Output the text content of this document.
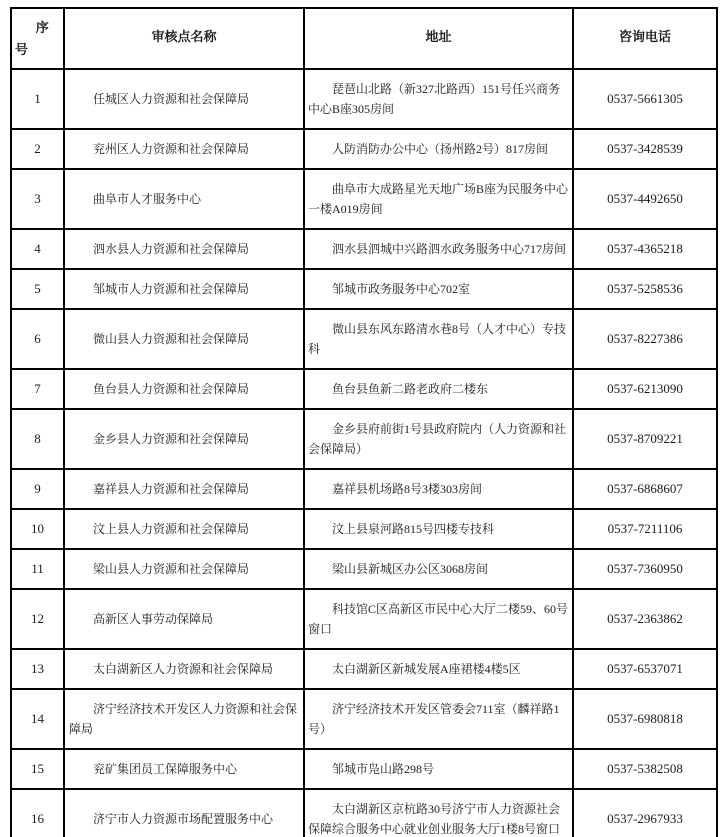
序号	审核点名称	地址	咨询电话
1	任城区人力资源和社会保障局	琵琶山北路（新327北路西）151号任兴商务中心B座305房间	0537-5661305
2	兖州区人力资源和社会保障局	人防消防办公中心（扬州路2号）817房间	0537-3428539
3	曲阜市人才服务中心	曲阜市大成路星光天地广场B座为民服务中心一楼A019房间	0537-4492650
4	泗水县人力资源和社会保障局	泗水县泗城中兴路泗水政务服务中心717房间	0537-4365218
5	邹城市人力资源和社会保障局	邹城市政务服务中心702室	0537-5258536
6	微山县人力资源和社会保障局	微山县东风东路清水巷8号（人才中心）专技科	0537-8227386
7	鱼台县人力资源和社会保障局	鱼台县鱼新二路老政府二楼东	0537-6213090
8	金乡县人力资源和社会保障局	金乡县府前街1号县政府院内（人力资源和社会保障局）	0537-8709221
9	嘉祥县人力资源和社会保障局	嘉祥县机场路8号3楼303房间	0537-6868607
10	汶上县人力资源和社会保障局	汶上县泉河路815号四楼专技科	0537-7211106
11	梁山县人力资源和社会保障局	梁山县新城区办公区3068房间	0537-7360950
12	高新区人事劳动保障局	科技馆C区高新区市民中心大厅二楼59、60号窗口	0537-2363862
13	太白湖新区人力资源和社会保障局	太白湖新区新城发展A座裙楼4楼5区	0537-6537071
14	济宁经济技术开发区人力资源和社会保障局	济宁经济技术开发区管委会711室（麟祥路1号）	0537-6980818
15	兖矿集团员工保障服务中心	邹城市凫山路298号	0537-5382508
16	济宁市人力资源市场配置服务中心	太白湖新区京杭路30号济宁市人力资源社会保障综合服务中心就业创业服务大厅1楼8号窗口	0537-2967933
